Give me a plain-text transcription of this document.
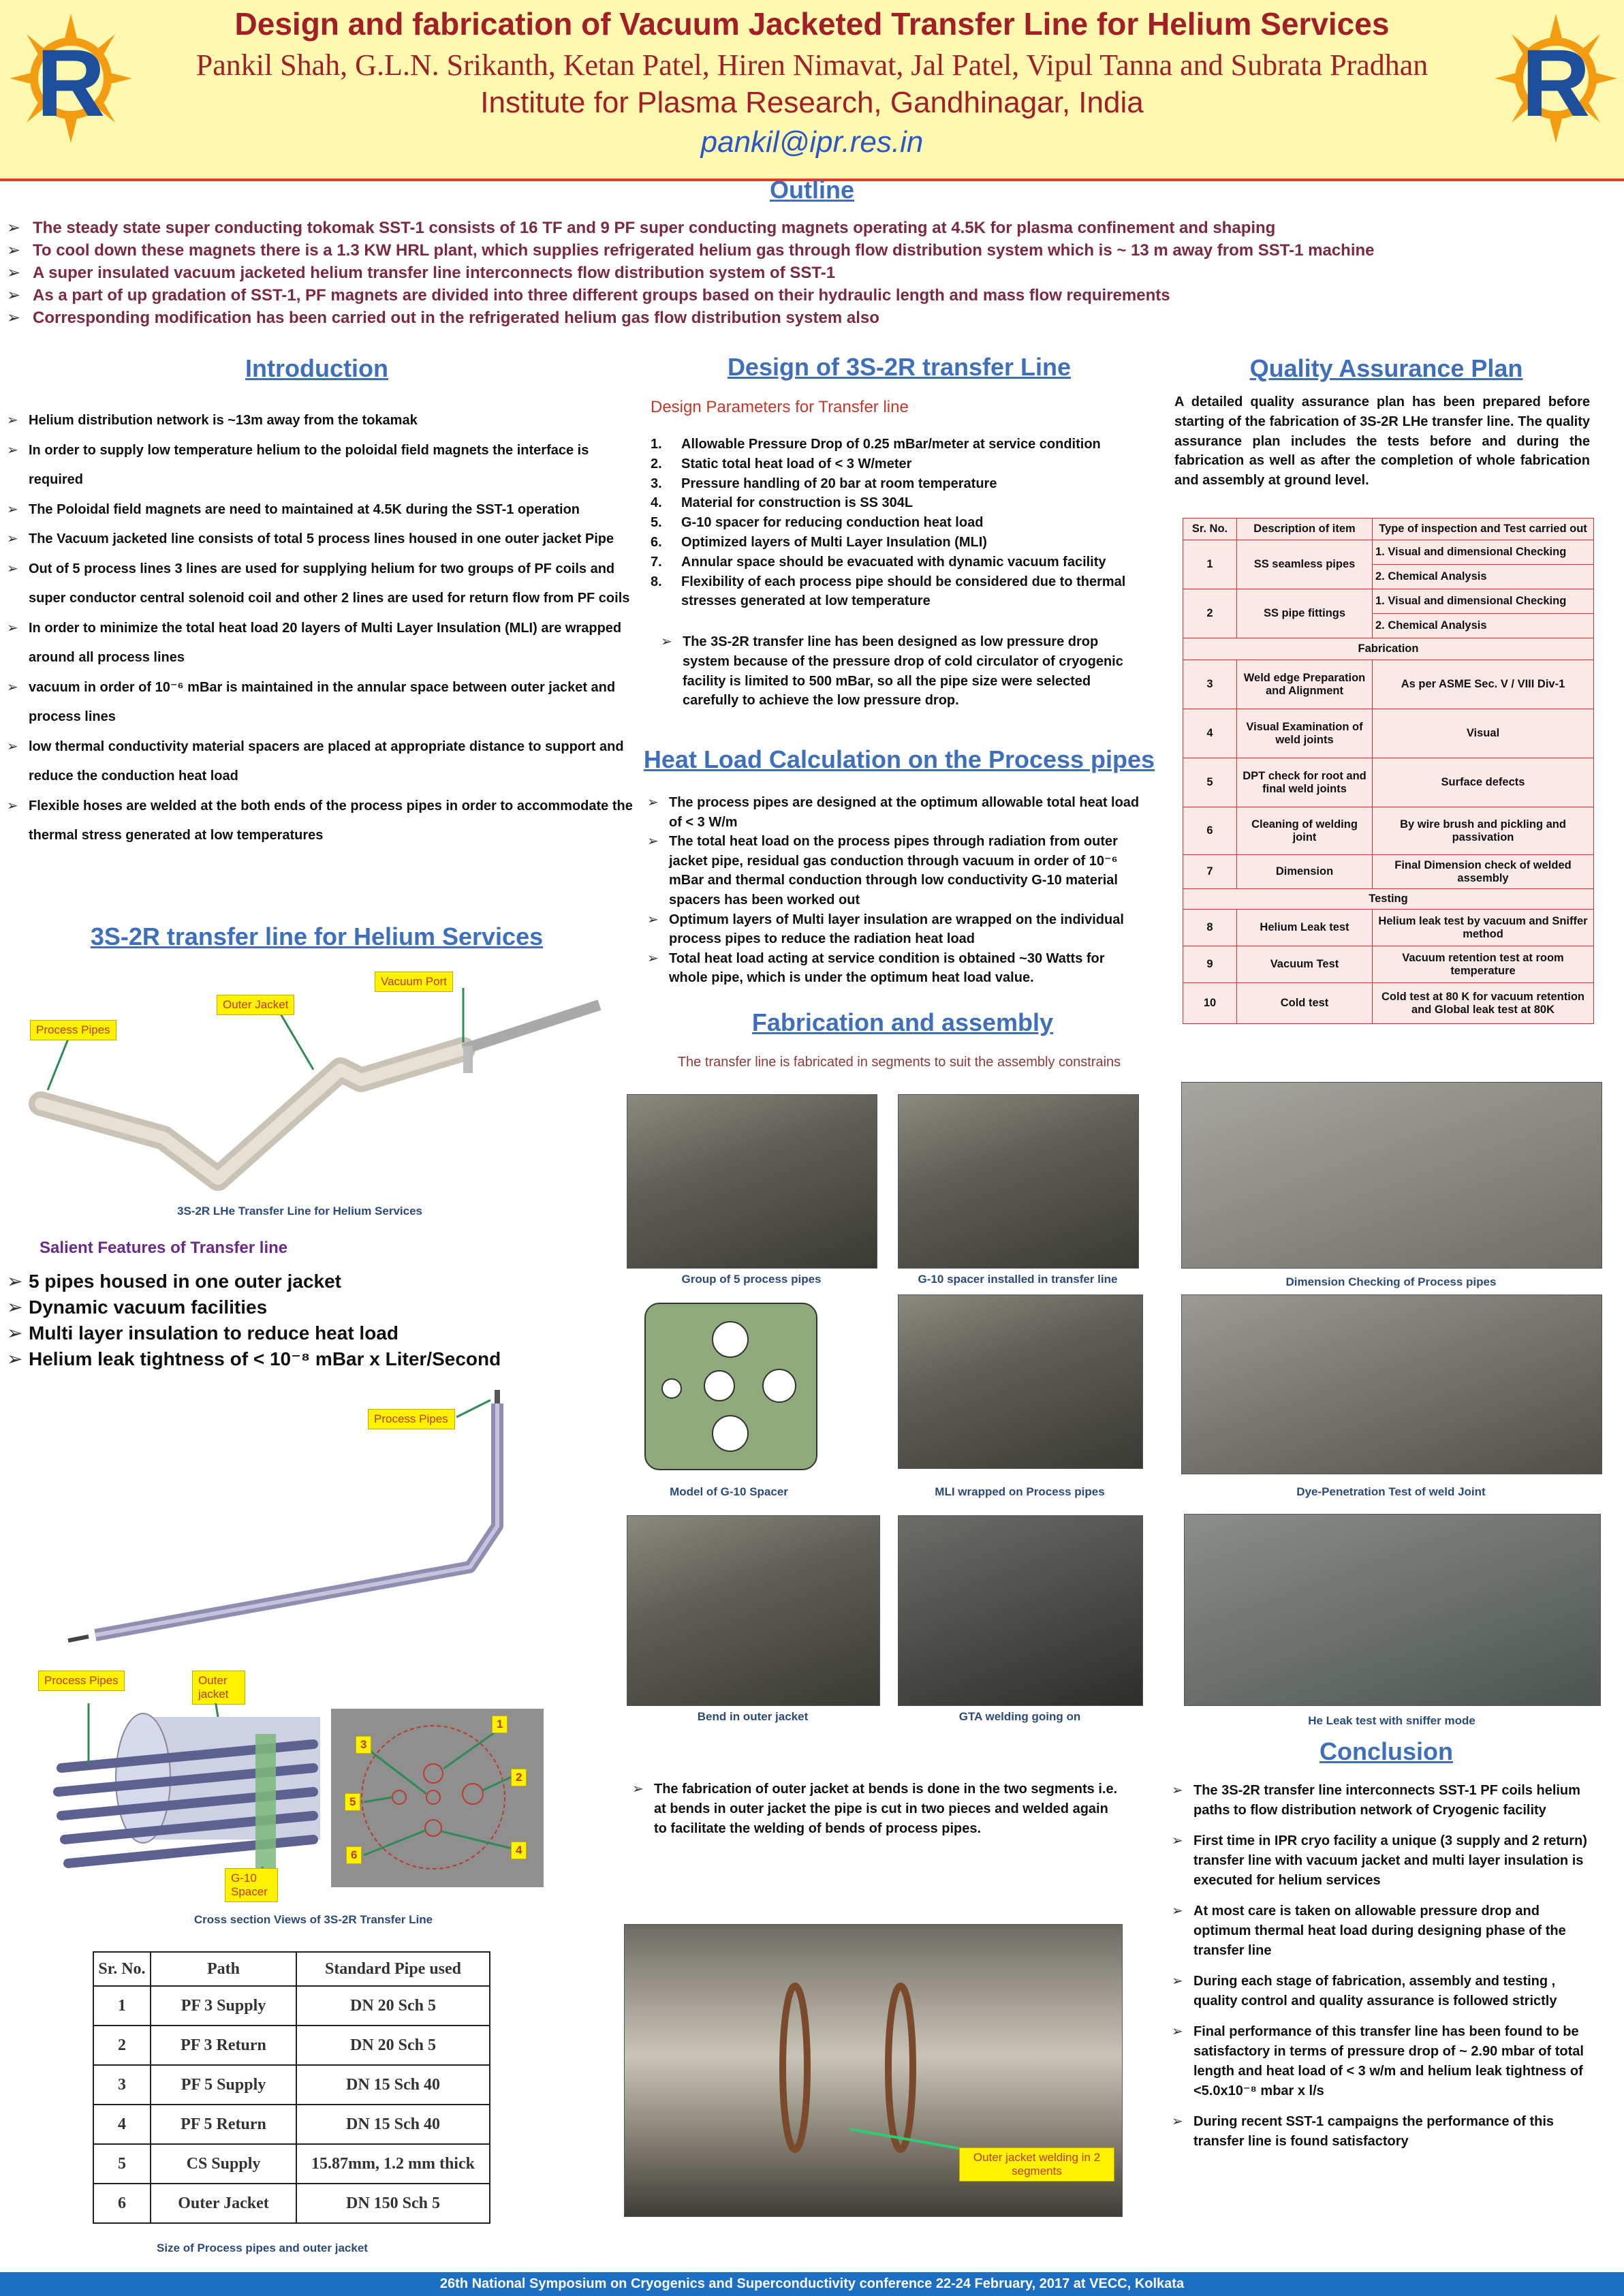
R	R
Design and fabrication of Vacuum Jacketed Transfer Line for Helium Services
Pankil Shah, G.L.N. Srikanth, Ketan Patel, Hiren Nimavat, Jal Patel, Vipul Tanna and Subrata Pradhan
Institute for Plasma Research, Gandhinagar, India
pankil@ipr.res.in
Outline
➢ The steady state super conducting tokomak SST-1 consists of 16 TF and 9 PF super conducting magnets operating at 4.5K for plasma confinement and shaping
➢ To cool down these magnets there is a 1.3 KW HRL plant, which supplies refrigerated helium gas through flow distribution system which is ~ 13 m away from SST-1 machine
➢ A super insulated vacuum jacketed helium transfer line interconnects flow distribution system of SST-1
➢ As a part of up gradation of SST-1, PF magnets are divided into three different groups based on their hydraulic length and mass flow requirements
➢ Corresponding modification has been carried out in the refrigerated helium gas flow distribution system also
Introduction
➢ Helium distribution network is ~13m away from the tokamak
➢ In order to supply low temperature helium to the poloidal field magnets the interface is required
➢ The Poloidal field magnets are need to maintained at 4.5K during the SST-1 operation
➢ The Vacuum jacketed line consists of total 5 process lines housed in one outer jacket Pipe
➢ Out of 5 process lines 3 lines are used for supplying helium for two groups of PF coils and super conductor central solenoid coil and other 2 lines are used for return flow from PF coils
➢ In order to minimize the total heat load 20 layers of Multi Layer Insulation (MLI) are wrapped around all process lines
➢ vacuum in order of 10⁻⁶ mBar is maintained in the annular space between outer jacket and process lines
➢ low thermal conductivity material spacers are placed at appropriate distance to support and reduce the conduction heat load
➢ Flexible hoses are welded at the both ends of the process pipes in order to accommodate the thermal stress generated at low temperatures
3S-2R transfer line for Helium Services
Process Pipes
Outer Jacket
Vacuum Port
3S-2R LHe Transfer Line for Helium Services
Salient Features of Transfer line
➢ 5 pipes housed in one outer jacket
➢ Dynamic vacuum facilities
➢ Multi layer insulation to reduce heat load
➢ Helium leak tightness of < 10⁻⁸ mBar x Liter/Second
Process Pipes
Process Pipes	Outer jacket
G-10 Spacer
1
2
3
4
5
6
Cross section Views of 3S-2R Transfer Line
Sr. No.	Path	Standard Pipe used
1	PF 3 Supply	DN 20 Sch 5
2	PF 3 Return	DN 20 Sch 5
3	PF 5 Supply	DN 15 Sch 40
4	PF 5 Return	DN 15 Sch 40
5	CS Supply	15.87mm, 1.2 mm thick
6	Outer Jacket	DN 150 Sch 5
Size of Process pipes and outer jacket
Design of 3S-2R transfer Line
Design Parameters for Transfer line
1. Allowable Pressure Drop of 0.25 mBar/meter at service condition
2. Static total heat load of < 3 W/meter
3. Pressure handling of 20 bar at room temperature
4. Material for construction is SS 304L
5. G-10 spacer for reducing conduction heat load
6. Optimized layers of Multi Layer Insulation (MLI)
7. Annular space should be evacuated with dynamic vacuum facility
8. Flexibility of each process pipe should be considered due to thermal stresses generated at low temperature
➢ The 3S-2R transfer line has been designed as low pressure drop system because of the pressure drop of cold circulator of cryogenic facility is limited to 500 mBar, so all the pipe size were selected carefully to achieve the low pressure drop.
Heat Load Calculation on the Process pipes
➢ The process pipes are designed at the optimum allowable total heat load of < 3 W/m
➢ The total heat load on the process pipes through radiation from outer jacket pipe, residual gas conduction through vacuum in order of 10⁻⁶ mBar and thermal conduction through low conductivity G-10 material spacers has been worked out
➢ Optimum layers of Multi layer insulation are wrapped on the individual process pipes to reduce the radiation heat load
➢ Total heat load acting at service condition is obtained ~30 Watts for whole pipe, which is under the optimum heat load value.
Fabrication and assembly
The transfer line is fabricated in segments to suit the assembly constrains
Group of 5 process pipes	G-10 spacer installed in transfer line	Dimension Checking of Process pipes
Model of G-10 Spacer	MLI wrapped on Process pipes	Dye-Penetration Test of weld Joint
Bend in outer jacket	GTA welding going on	He Leak test with sniffer mode
➢ The fabrication of outer jacket at bends is done in the two segments i.e. at bends in outer jacket the pipe is cut in two pieces and welded again to facilitate the welding of bends of process pipes.
Outer jacket welding in 2 segments
Quality Assurance Plan
A detailed quality assurance plan has been prepared before starting of the fabrication of 3S-2R LHe transfer line. The quality assurance plan includes the tests before and during the fabrication as well as after the completion of whole fabrication and assembly at ground level.
Sr. No.	Description of item	Type of inspection and Test carried out
1	SS seamless pipes	1. Visual and dimensional Checking
		2. Chemical Analysis
2	SS pipe fittings	1. Visual and dimensional Checking
		2. Chemical Analysis
Fabrication		
3	Weld edge Preparation and Alignment	As per ASME Sec. V / VIII Div-1
4	Visual Examination of weld joints	Visual
5	DPT check for root and final weld joints	Surface defects
6	Cleaning of welding joint	By wire brush and pickling and passivation
7	Dimension	Final Dimension check of welded assembly
Testing		
8	Helium Leak test	Helium leak test by vacuum and Sniffer method
9	Vacuum Test	Vacuum retention test at room temperature
10	Cold test	Cold test at 80 K for vacuum retention and Global leak test at 80K
Conclusion
➢ The 3S-2R transfer line interconnects SST-1 PF coils helium paths to flow distribution network of Cryogenic facility
➢ First time in IPR cryo facility a unique (3 supply and 2 return) transfer line with vacuum jacket and multi layer insulation is executed for helium services
➢ At most care is taken on allowable pressure drop and optimum thermal heat load during designing phase of the transfer line
➢ During each stage of fabrication, assembly and testing , quality control and quality assurance is followed strictly
➢ Final performance of this transfer line has been found to be satisfactory in terms of pressure drop of ~ 2.90 mbar of total length and heat load of < 3 w/m and helium leak tightness of <5.0x10⁻⁸ mbar x l/s
➢ During recent SST-1 campaigns the performance of this transfer line is found satisfactory
26th National Symposium on Cryogenics and Superconductivity conference 22-24 February, 2017 at VECC, Kolkata
